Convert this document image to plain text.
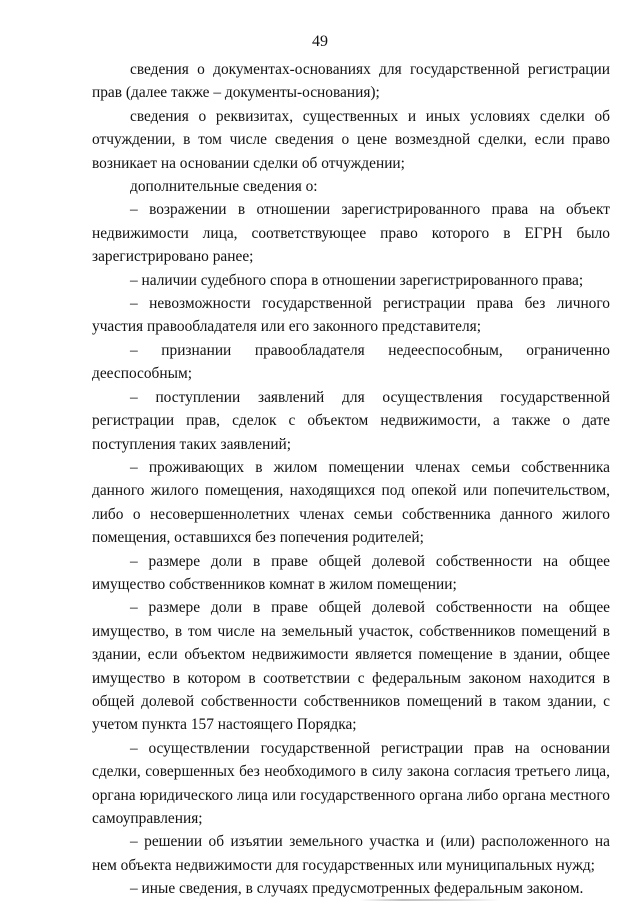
49

сведения о документах-основаниях для государственной регистрации прав (далее также – документы-основания);

сведения о реквизитах, существенных и иных условиях сделки об отчуждении, в том числе сведения о цене возмездной сделки, если право возникает на основании сделки об отчуждении;

дополнительные сведения о:

– возражении в отношении зарегистрированного права на объект недвижимости лица, соответствующее право которого в ЕГРН было зарегистрировано ранее;

– наличии судебного спора в отношении зарегистрированного права;

– невозможности государственной регистрации права без личного участия правообладателя или его законного представителя;

– признании правообладателя недееспособным, ограниченно дееспособным;

– поступлении заявлений для осуществления государственной регистрации прав, сделок с объектом недвижимости, а также о дате поступления таких заявлений;

– проживающих в жилом помещении членах семьи собственника данного жилого помещения, находящихся под опекой или попечительством, либо о несовершеннолетних членах семьи собственника данного жилого помещения, оставшихся без попечения родителей;

– размере доли в праве общей долевой собственности на общее имущество собственников комнат в жилом помещении;

– размере доли в праве общей долевой собственности на общее имущество, в том числе на земельный участок, собственников помещений в здании, если объектом недвижимости является помещение в здании, общее имущество в котором в соответствии с федеральным законом находится в общей долевой собственности собственников помещений в таком здании, с учетом пункта 157 настоящего Порядка;

– осуществлении государственной регистрации прав на основании сделки, совершенных без необходимого в силу закона согласия третьего лица, органа юридического лица или государственного органа либо органа местного самоуправления;

– решении об изъятии земельного участка и (или) расположенного на нем объекта недвижимости для государственных или муниципальных нужд;

– иные сведения, в случаях предусмотренных федеральным законом.
